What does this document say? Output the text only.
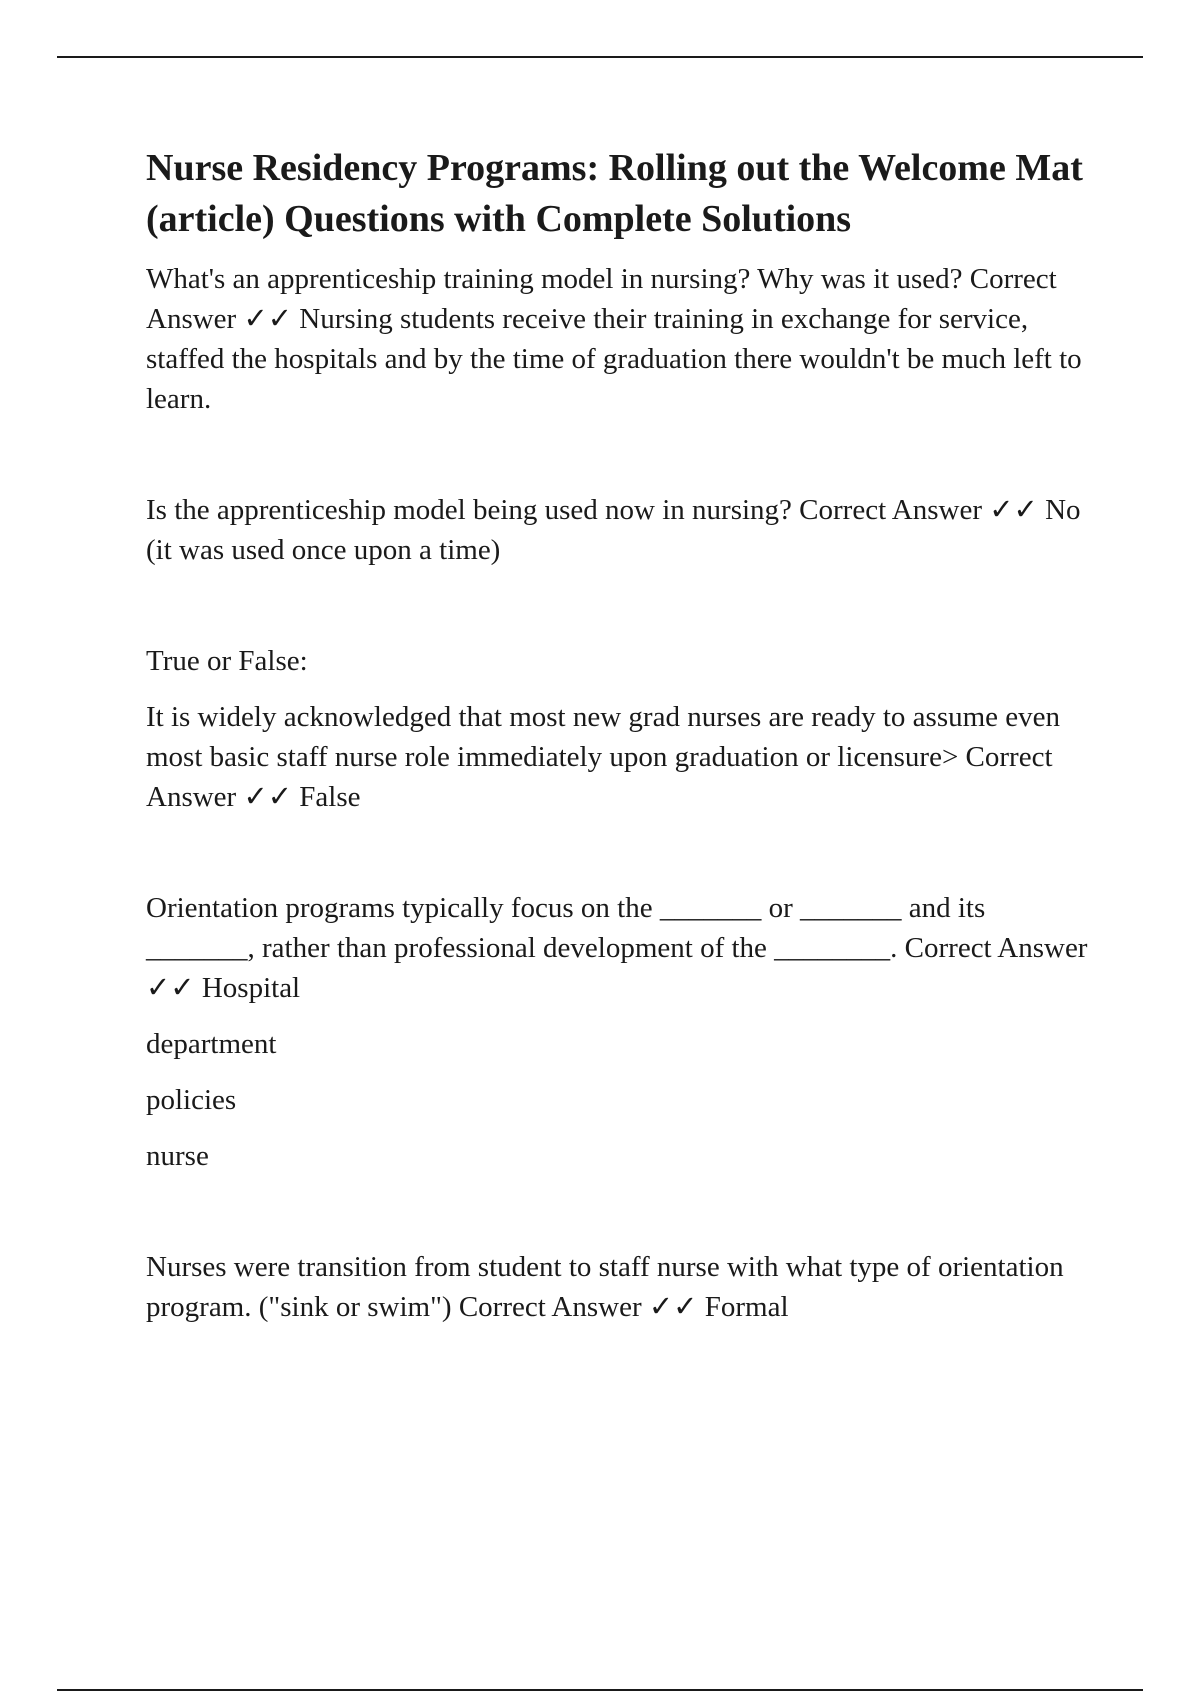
Nurse Residency Programs: Rolling out the Welcome Mat (article) Questions with Complete Solutions

What's an apprenticeship training model in nursing? Why was it used? Correct Answer ✓✓ Nursing students receive their training in exchange for service, staffed the hospitals and by the time of graduation there wouldn't be much left to learn.

Is the apprenticeship model being used now in nursing? Correct Answer ✓✓ No (it was used once upon a time)

True or False:

It is widely acknowledged that most new grad nurses are ready to assume even most basic staff nurse role immediately upon graduation or licensure> Correct Answer ✓✓ False

Orientation programs typically focus on the _______ or _______ and its _______, rather than professional development of the ________. Correct Answer ✓✓ Hospital

department

policies

nurse

Nurses were transition from student to staff nurse with what type of orientation program. ("sink or swim") Correct Answer ✓✓ Formal
